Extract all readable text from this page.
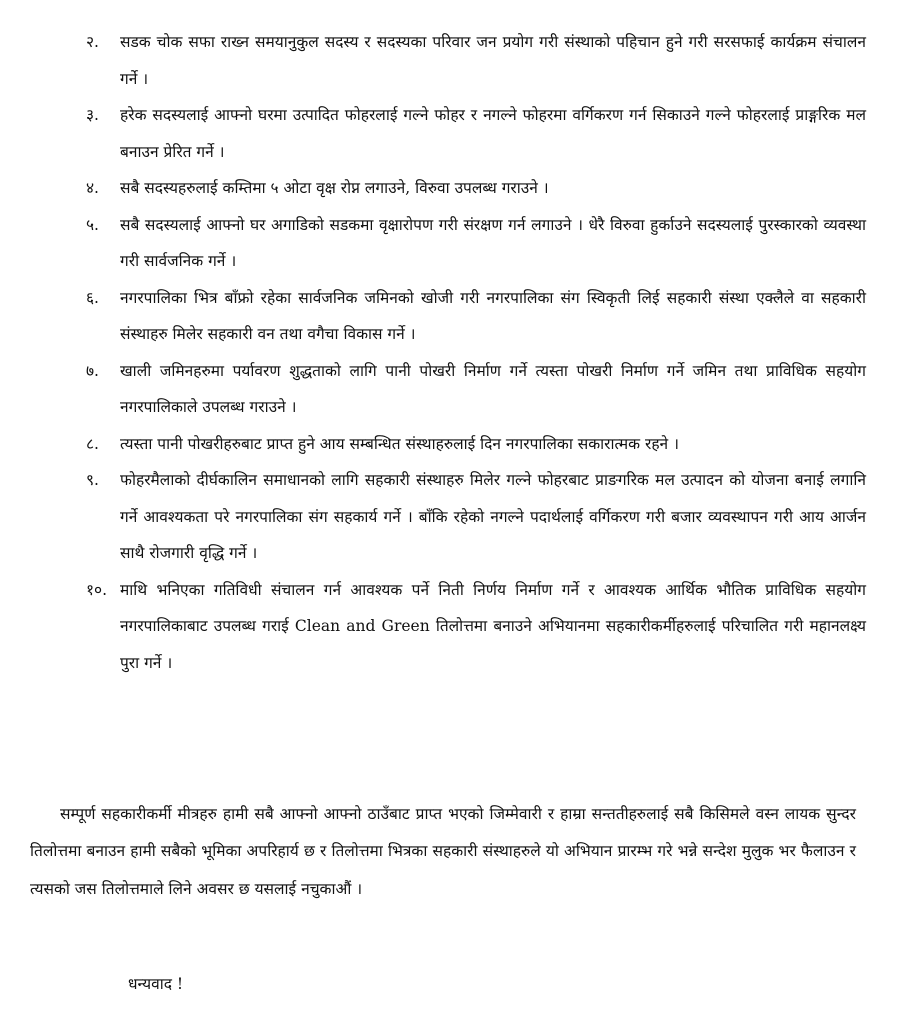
२.	सडक चोक सफा राख्न समयानुकुल सदस्य र सदस्यका परिवार जन प्रयोग गरी संस्थाको पहिचान हुने गरी सरसफाई कार्यक्रम संचालन गर्ने ।
३.	हरेक सदस्यलाई आफ्नो घरमा उत्पादित फोहरलाई गल्ने फोहर र नगल्ने फोहरमा वर्गिकरण गर्न सिकाउने गल्ने फोहरलाई प्राङ्गरिक मल बनाउन प्रेरित गर्ने ।
४.	सबै सदस्यहरुलाई कम्तिमा ५ ओटा वृक्ष रोप्न लगाउने, विरुवा उपलब्ध गराउने ।
५.	सबै सदस्यलाई आफ्नो घर अगाडिको सडकमा वृक्षारोपण गरी संरक्षण गर्न लगाउने । धेरै विरुवा हुर्काउने सदस्यलाई पुरस्कारको व्यवस्था गरी सार्वजनिक गर्ने ।
६.	नगरपालिका भित्र बाँफ्रो रहेका सार्वजनिक जमिनको खोजी गरी नगरपालिका संग स्विकृती लिई सहकारी संस्था एक्लैले वा सहकारी संस्थाहरु मिलेर सहकारी वन तथा वगैचा विकास गर्ने ।
७.	खाली जमिनहरुमा पर्यावरण शुद्धताको लागि पानी पोखरी निर्माण गर्ने त्यस्ता पोखरी निर्माण गर्ने जमिन तथा प्राविधिक सहयोग नगरपालिकाले उपलब्ध गराउने ।
८.	त्यस्ता पानी पोखरीहरुबाट प्राप्त हुने आय सम्बन्धित संस्थाहरुलाई दिन नगरपालिका सकारात्मक रहने ।
९.	फोहरमैलाको दीर्घकालिन समाधानको लागि सहकारी संस्थाहरु मिलेर गल्ने फोहरबाट प्राङगरिक मल उत्पादन को योजना बनाई लगानि गर्ने आवश्यकता परे नगरपालिका संग सहकार्य गर्ने । बाँकि रहेको नगल्ने पदार्थलाई वर्गिकरण गरी बजार व्यवस्थापन गरी आय आर्जन साथै रोजगारी वृद्धि गर्ने ।
१०. माथि भनिएका गतिविधी संचालन गर्न आवश्यक पर्ने निती निर्णय निर्माण गर्ने र आवश्यक आर्थिक भौतिक प्राविधिक सहयोग नगरपालिकाबाट उपलब्ध गराई Clean and Green तिलोत्तमा बनाउने अभियानमा सहकारीकर्मीहरुलाई परिचालित गरी महानलक्ष्य पुरा गर्ने ।

सम्पूर्ण सहकारीकर्मी मीत्रहरु हामी सबै आफ्नो आफ्नो ठाउँबाट प्राप्त भएको जिम्मेवारी र हाम्रा सन्ततीहरुलाई सबै किसिमले वस्न लायक सुन्दर तिलोत्तमा बनाउन हामी सबैको भूमिका अपरिहार्य छ र तिलोत्तमा भित्रका सहकारी संस्थाहरुले यो अभियान प्रारम्भ गरे भन्ने सन्देश मुलुक भर फैलाउन र त्यसको जस तिलोत्तमाले लिने अवसर छ यसलाई नचुकाऔं ।

धन्यवाद !
